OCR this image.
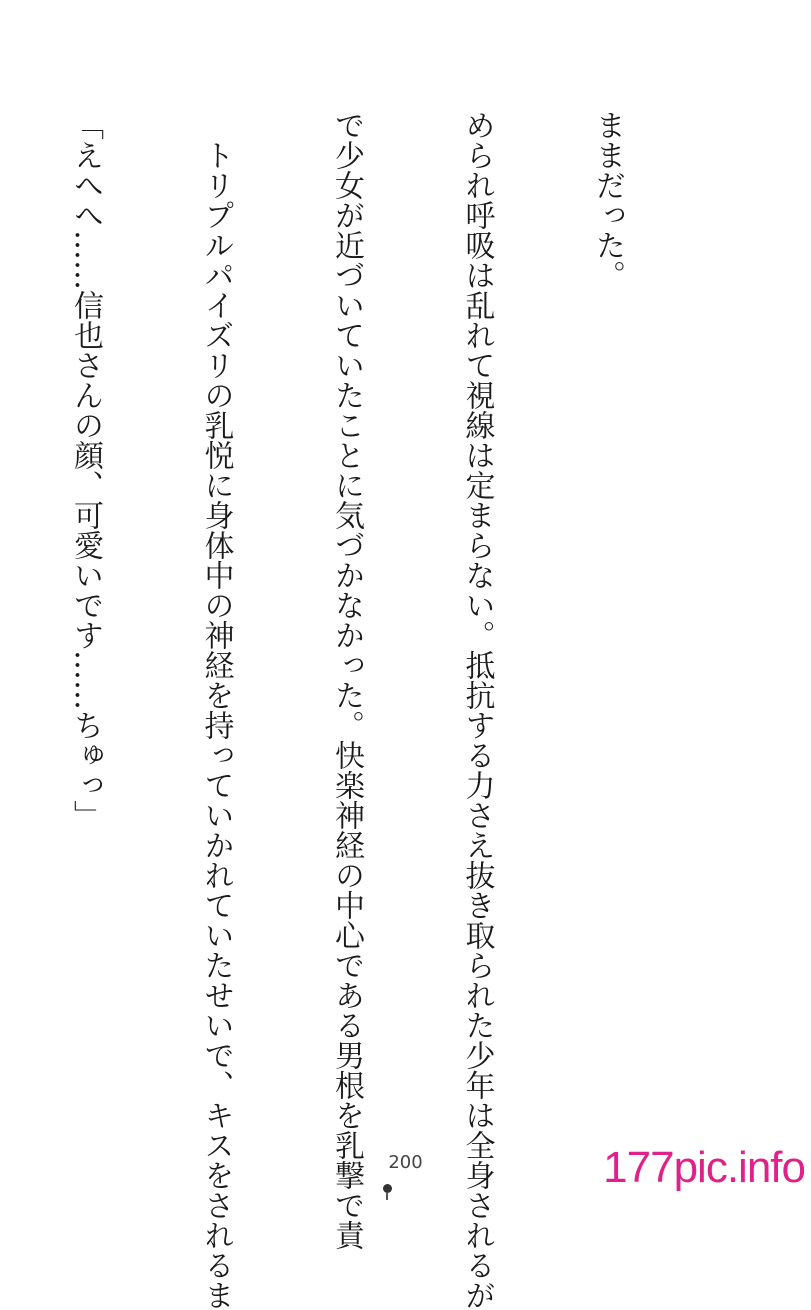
ままだった。

められ呼吸は乱れて視線は定まらない。抵抗する力さえ抜き取られた少年は全身されるが

で少女が近づいていたことに気づかなかった。快楽神経の中心である男根を乳撃で責

　トリプルパイズリの乳悦に身体中の神経を持っていかれていたせいで、キスをされるま

「えへへ……信也さんの顔、可愛いです……ちゅっ」

200	177pic.info
